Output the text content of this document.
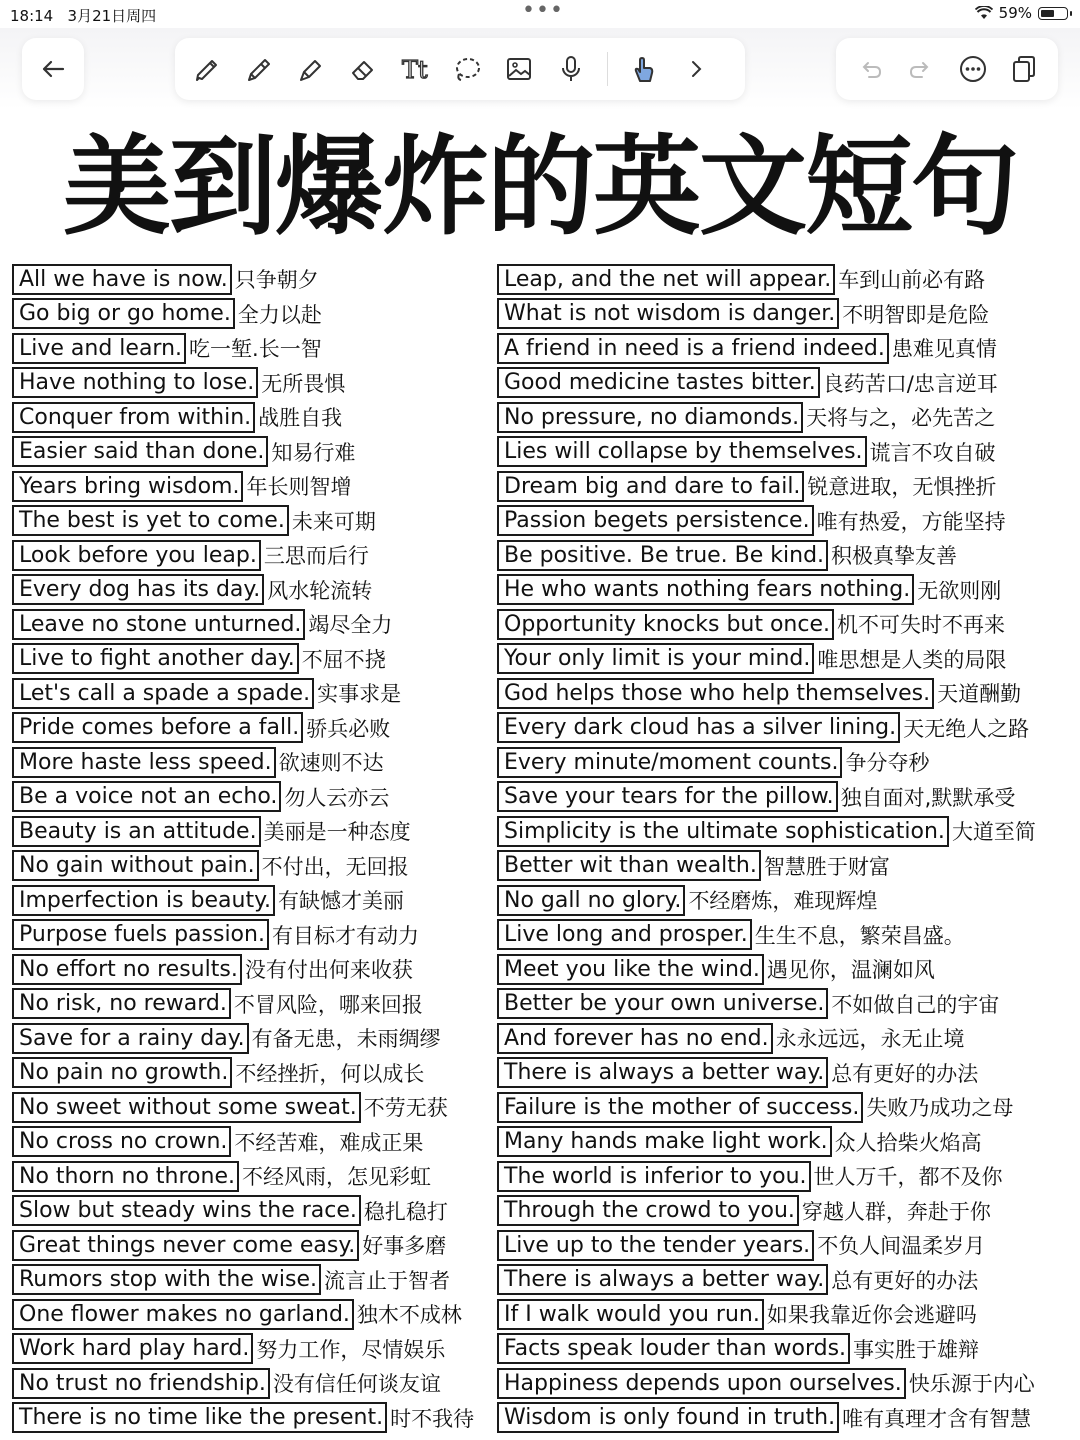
18:14 3月21日周四	•••	59%
Tt
美到爆炸的英文短句
All we have is now. 只争朝夕
Go big or go home. 全力以赴
Live and learn. 吃一堑.长一智
Have nothing to lose. 无所畏惧
Conquer from within. 战胜自我
Easier said than done. 知易行难
Years bring wisdom. 年长则智增
The best is yet to come. 未来可期
Look before you leap. 三思而后行
Every dog has its day. 风水轮流转
Leave no stone unturned. 竭尽全力
Live to fight another day. 不屈不挠
Let's call a spade a spade. 实事求是
Pride comes before a fall. 骄兵必败
More haste less speed. 欲速则不达
Be a voice not an echo. 勿人云亦云
Beauty is an attitude. 美丽是一种态度
No gain without pain. 不付出，无回报
Imperfection is beauty. 有缺憾才美丽
Purpose fuels passion. 有目标才有动力
No effort no results. 没有付出何来收获
No risk, no reward. 不冒风险，哪来回报
Save for a rainy day. 有备无患，未雨绸缪
No pain no growth. 不经挫折，何以成长
No sweet without some sweat. 不劳无获
No cross no crown. 不经苦难，难成正果
No thorn no throne. 不经风雨，怎见彩虹
Slow but steady wins the race. 稳扎稳打
Great things never come easy. 好事多磨
Rumors stop with the wise. 流言止于智者
One flower makes no garland. 独木不成林
Work hard play hard. 努力工作，尽情娱乐
No trust no friendship. 没有信任何谈友谊
There is no time like the present. 时不我待
Leap, and the net will appear. 车到山前必有路
What is not wisdom is danger. 不明智即是危险
A friend in need is a friend indeed. 患难见真情
Good medicine tastes bitter. 良药苦口/忠言逆耳
No pressure, no diamonds. 天将与之，必先苦之
Lies will collapse by themselves. 谎言不攻自破
Dream big and dare to fail. 锐意进取，无惧挫折
Passion begets persistence. 唯有热爱，方能坚持
Be positive. Be true. Be kind. 积极真挚友善
He who wants nothing fears nothing. 无欲则刚
Opportunity knocks but once. 机不可失时不再来
Your only limit is your mind. 唯思想是人类的局限
God helps those who help themselves. 天道酬勤
Every dark cloud has a silver lining. 天无绝人之路
Every minute/moment counts. 争分夺秒
Save your tears for the pillow. 独自面对,默默承受
Simplicity is the ultimate sophistication. 大道至简
Better wit than wealth. 智慧胜于财富
No gall no glory. 不经磨炼，难现辉煌
Live long and prosper. 生生不息，繁荣昌盛。
Meet you like the wind. 遇见你，温澜如风
Better be your own universe. 不如做自己的宇宙
And forever has no end. 永永远远，永无止境
There is always a better way. 总有更好的办法
Failure is the mother of success. 失败乃成功之母
Many hands make light work. 众人拾柴火焰高
The world is inferior to you. 世人万千，都不及你
Through the crowd to you. 穿越人群，奔赴于你
Live up to the tender years. 不负人间温柔岁月
There is always a better way. 总有更好的办法
If I walk would you run. 如果我靠近你会逃避吗
Facts speak louder than words. 事实胜于雄辩
Happiness depends upon ourselves. 快乐源于内心
Wisdom is only found in truth. 唯有真理才含有智慧
